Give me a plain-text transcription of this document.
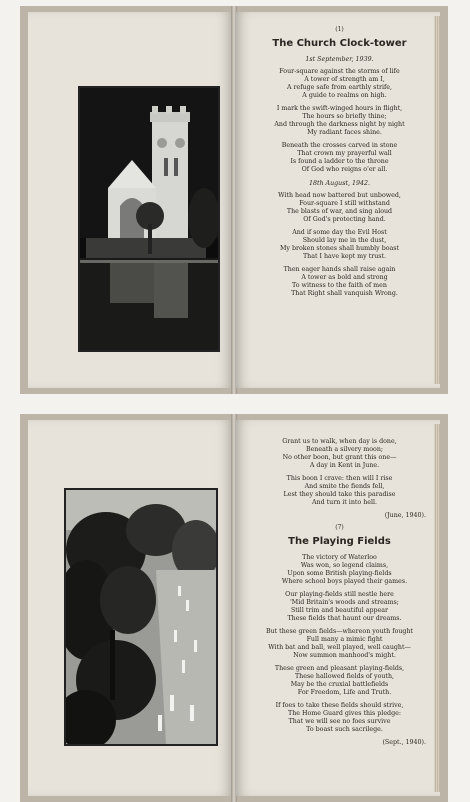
(1)
The Church Clock-tower
1st September, 1939.
Four-square against the storms of life
A tower of strength am I,
A refuge safe from earthly strife,
A guide to realms on high.
I mark the swift-winged hours in flight,
The hours so briefly thine;
And through the darkness night by night
My radiant faces shine.
Beneath the crosses carved in stone
That crown my prayerful wall
Is found a ladder to the throne
Of God who reigns o'er all.
18th August, 1942.
With head now battered but unbowed,
Four-square I still withstand
The blasts of war, and sing aloud
Of God's protecting hand.
And if some day the Evil Host
Should lay me in the dust,
My broken stones shall humbly boast
That I have kept my trust.
Then eager hands shall raise again
A tower as bold and strong
To witness to the faith of men
That Right shall vanquish Wrong.
Grant us to walk, when day is done,
Beneath a silvery moon;
No other boon, but grant this one—
A day in Kent in June.
This boon I crave: then will I rise
And smite the fiends fell,
Lest they should take this paradise
And turn it into hell.
(June, 1940).
(7)
The Playing Fields
The victory of Waterloo
Was won, so legend claims,
Upon some British playing-fields
Where school boys played their games.
Our playing-fields still nestle here
'Mid Britain's woods and streams;
Still trim and beautiful appear
These fields that haunt our dreams.
But these green fields—whereon youth fought
Full many a mimic fight
With bat and ball, well played, well caught—
Now summon manhood's might.
These green and pleasant playing-fields,
These hallowed fields of youth,
May be the cruxial battlefields
For Freedom, Life and Truth.
If foes to take these fields should strive,
The Home Guard gives this pledge:
That we will see no foes survive
To boast such sacrilege.
(Sept., 1940).
